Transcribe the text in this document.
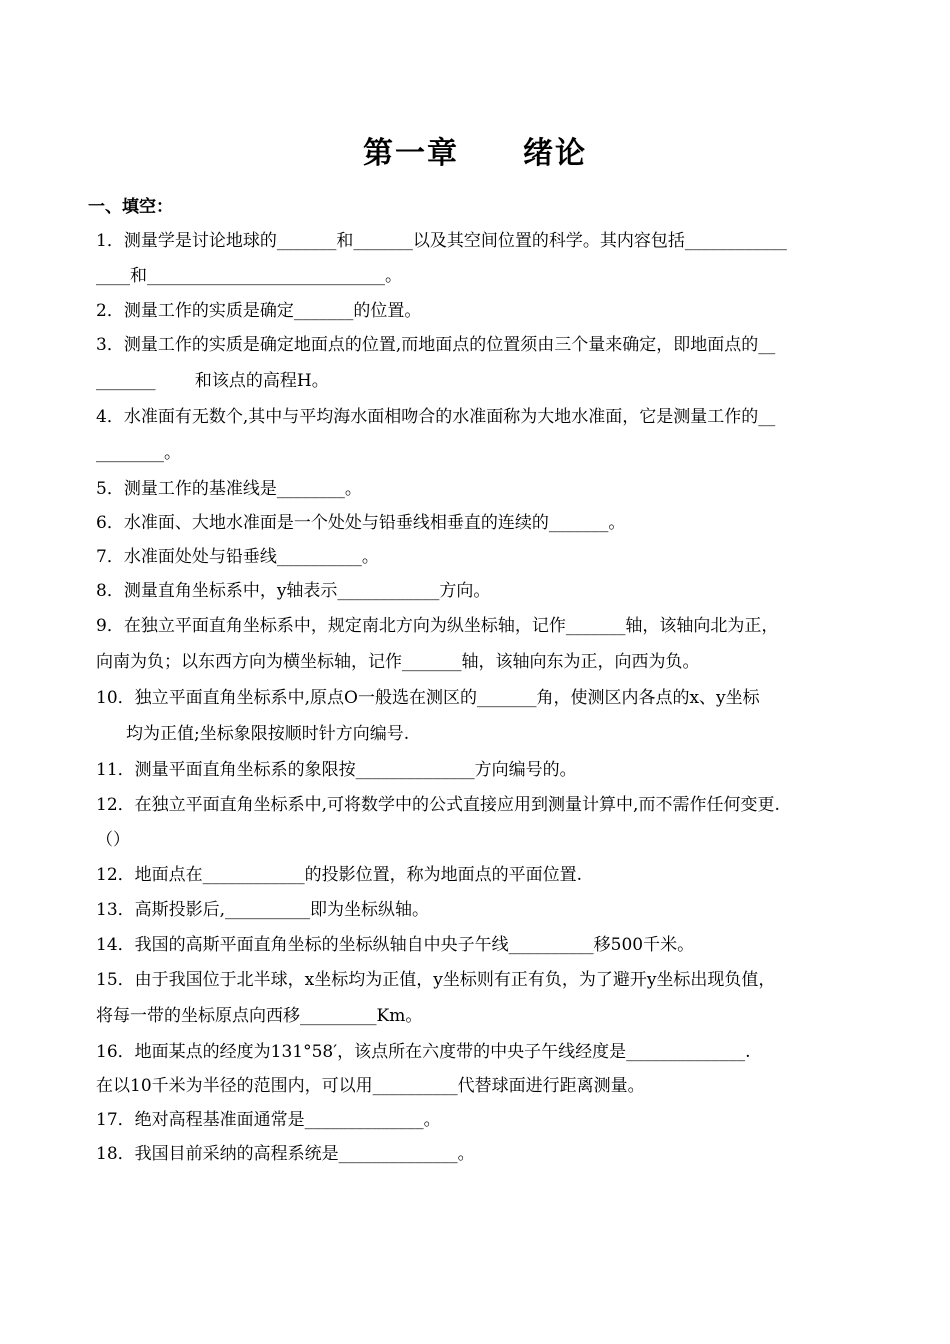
第一章　　绪论
一、填空：
1．测量学是讨论地球的_______和_______以及其空间位置的科学。其内容包括____________
____和____________________________。
2．测量工作的实质是确定_______的位置。
3．测量工作的实质是确定地面点的位置,而地面点的位置须由三个量来确定，即地面点的__
_______　　 和该点的高程H。
4．水准面有无数个,其中与平均海水面相吻合的水准面称为大地水准面，它是测量工作的__
________。
5．测量工作的基准线是________。
6．水准面、大地水准面是一个处处与铅垂线相垂直的连续的_______。
7．水准面处处与铅垂线__________。
8．测量直角坐标系中，y轴表示____________方向。
9．在独立平面直角坐标系中，规定南北方向为纵坐标轴，记作_______轴，该轴向北为正，
向南为负；以东西方向为横坐标轴，记作_______轴，该轴向东为正，向西为负。
10．独立平面直角坐标系中,原点O一般选在测区的_______角，使测区内各点的x、y坐标
均为正值;坐标象限按顺时针方向编号.
11．测量平面直角坐标系的象限按______________方向编号的。
12．在独立平面直角坐标系中,可将数学中的公式直接应用到测量计算中,而不需作任何变更.
（）
12．地面点在____________的投影位置，称为地面点的平面位置.
13．高斯投影后,__________即为坐标纵轴。
14．我国的高斯平面直角坐标的坐标纵轴自中央子午线__________移500千米。
15．由于我国位于北半球，x坐标均为正值，y坐标则有正有负，为了避开y坐标出现负值，
将每一带的坐标原点向西移_________Km。
16．地面某点的经度为131°58′，该点所在六度带的中央子午线经度是______________.
在以10千米为半径的范围内，可以用__________代替球面进行距离测量。
17．绝对高程基准面通常是______________。
18．我国目前采纳的高程系统是______________。
